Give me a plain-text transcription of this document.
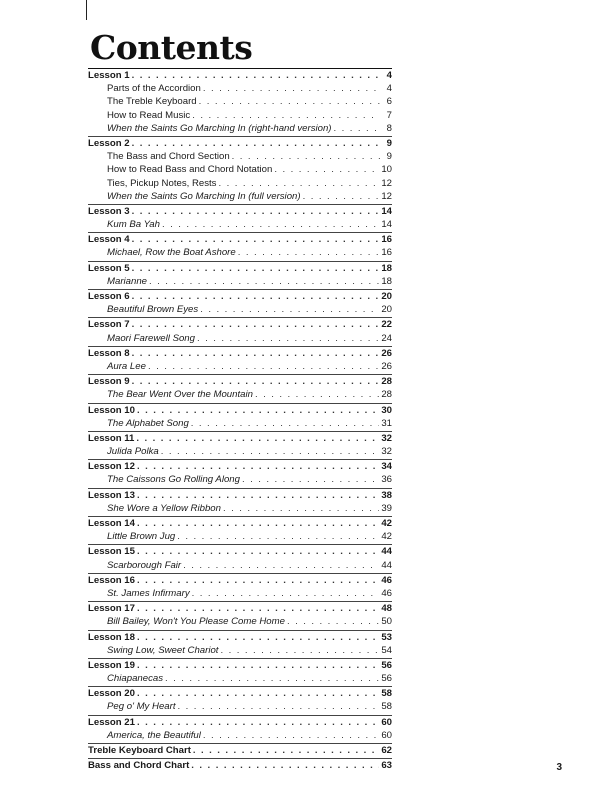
Contents
Lesson 1 . . .	4
Parts of the Accordion . . .	4
The Treble Keyboard . . .	6
How to Read Music . . .	7
When the Saints Go Marching In (right-hand version) . . .	8
Lesson 2 . . .	9
The Bass and Chord Section . . .	9
How to Read Bass and Chord Notation . . .	10
Ties, Pickup Notes, Rests . . .	12
When the Saints Go Marching In (full version) . . .	12
Lesson 3 . . .	14
Kum Ba Yah . . .	14
Lesson 4 . . .	16
Michael, Row the Boat Ashore . . .	16
Lesson 5 . . .	18
Marianne . . .	18
Lesson 6 . . .	20
Beautiful Brown Eyes . . .	20
Lesson 7 . . .	22
Maori Farewell Song . . .	24
Lesson 8 . . .	26
Aura Lee . . .	26
Lesson 9 . . .	28
The Bear Went Over the Mountain . . .	28
Lesson 10 . . .	30
The Alphabet Song . . .	31
Lesson 11 . . .	32
Julida Polka . . .	32
Lesson 12 . . .	34
The Caissons Go Rolling Along . . .	36
Lesson 13 . . .	38
She Wore a Yellow Ribbon . . .	39
Lesson 14 . . .	42
Little Brown Jug . . .	42
Lesson 15 . . .	44
Scarborough Fair . . .	44
Lesson 16 . . .	46
St. James Infirmary . . .	46
Lesson 17 . . .	48
Bill Bailey, Won't You Please Come Home . . .	50
Lesson 18 . . .	53
Swing Low, Sweet Chariot . . .	54
Lesson 19 . . .	56
Chiapanecas . . .	56
Lesson 20 . . .	58
Peg o' My Heart . . .	58
Lesson 21 . . .	60
America, the Beautiful . . .	60
Treble Keyboard Chart . . .	62
Bass and Chord Chart . . .	63	3
